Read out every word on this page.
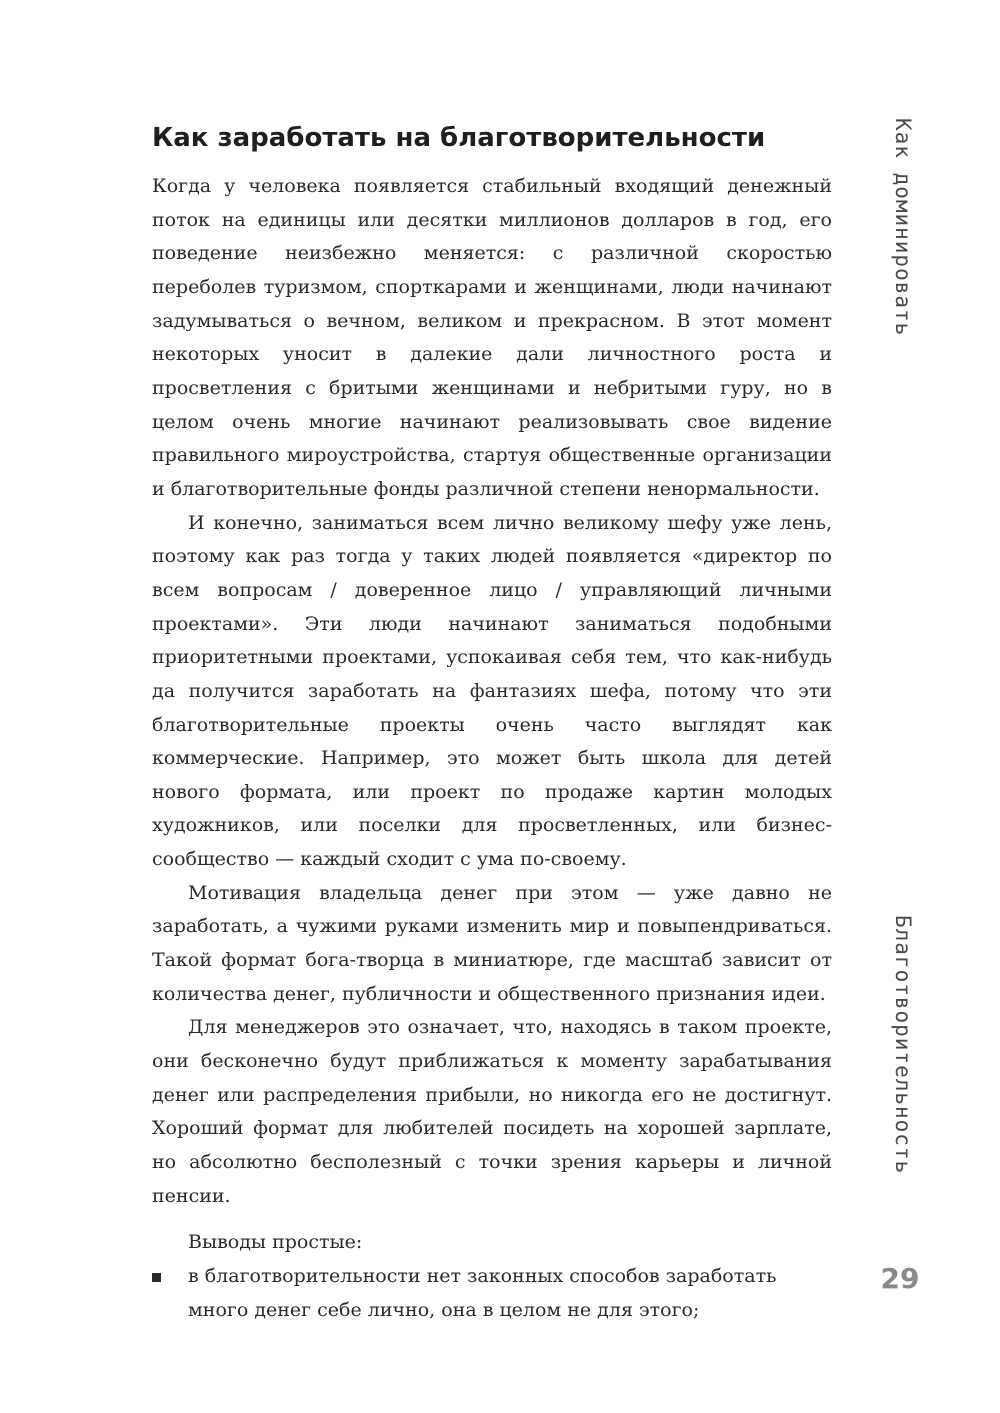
Как заработать на благотворительности

Когда у человека появляется стабильный входящий денежный поток на единицы или десятки миллионов долларов в год, его поведение неизбежно меняется: с различной скоростью переболев туризмом, спорткарами и женщинами, люди начинают задумываться о вечном, великом и прекрасном. В этот момент некоторых уносит в далекие дали личностного роста и просветления с бритыми женщинами и небритыми гуру, но в целом очень многие начинают реализовывать свое видение правильного мироустройства, стартуя общественные организации и благотворительные фонды различной степени ненормальности.

И конечно, заниматься всем лично великому шефу уже лень, поэтому как раз тогда у таких людей появляется «директор по всем вопросам / доверенное лицо / управляющий личными проектами». Эти люди начинают заниматься подобными приоритетными проектами, успокаивая себя тем, что как-нибудь да получится заработать на фантазиях шефа, потому что эти благотворительные проекты очень часто выглядят как коммерческие. Например, это может быть школа для детей нового формата, или проект по продаже картин молодых художников, или поселки для просветленных, или бизнес-сообщество — каждый сходит с ума по-своему.

Мотивация владельца денег при этом — уже давно не заработать, а чужими руками изменить мир и повыпендриваться. Такой формат бога-творца в миниатюре, где масштаб зависит от количества денег, публичности и общественного признания идеи.

Для менеджеров это означает, что, находясь в таком проекте, они бесконечно будут приближаться к моменту зарабатывания денег или распределения прибыли, но никогда его не достигнут. Хороший формат для любителей посидеть на хорошей зарплате, но абсолютно бесполезный с точки зрения карьеры и личной пенсии.

Выводы простые:

в благотворительности нет законных способов заработать много денег себе лично, она в целом не для этого;
Как доминировать
Благотворительность
29
